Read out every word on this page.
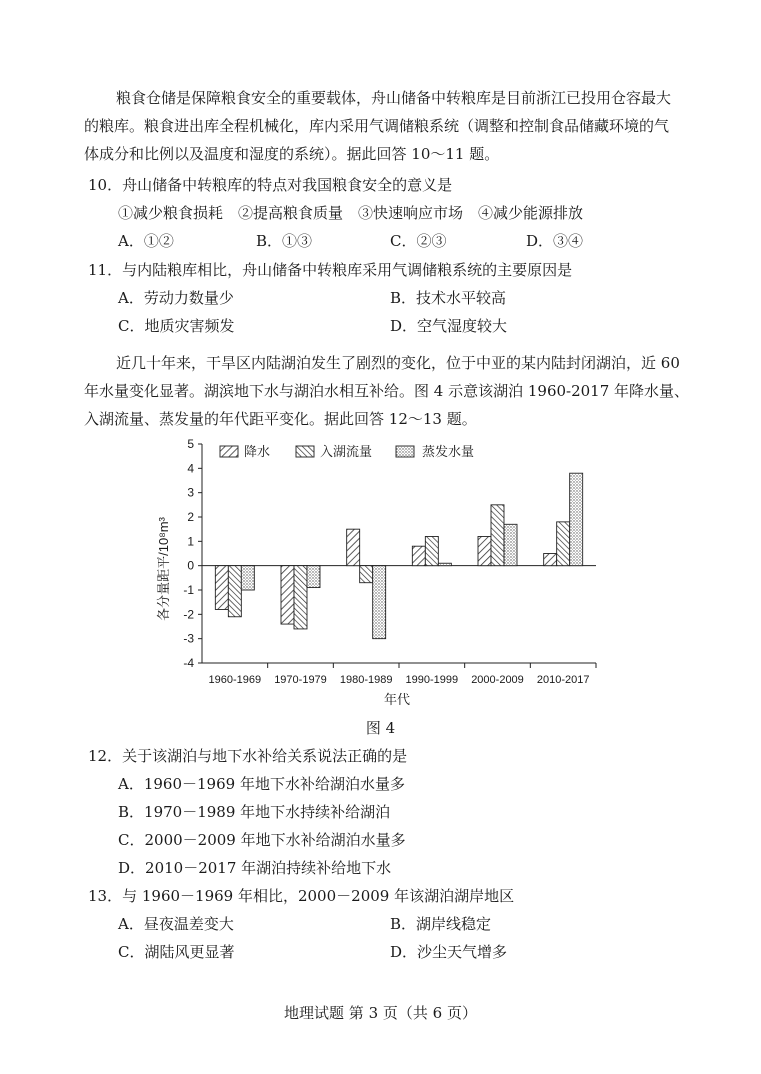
粮食仓储是保障粮食安全的重要载体，舟山储备中转粮库是目前浙江已投用仓容最大
的粮库。粮食进出库全程机械化，库内采用气调储粮系统（调整和控制食品储藏环境的气
体成分和比例以及温度和湿度的系统）。据此回答 10～11 题。
10．舟山储备中转粮库的特点对我国粮食安全的意义是
①减少粮食损耗　②提高粮食质量　③快速响应市场　④减少能源排放
A．①②	B．①③	C．②③	D．③④
11．与内陆粮库相比，舟山储备中转粮库采用气调储粮系统的主要原因是
A．劳动力数量少	B．技术水平较高
C．地质灾害频发	D．空气湿度较大
近几十年来，干旱区内陆湖泊发生了剧烈的变化，位于中亚的某内陆封闭湖泊，近 60
年水量变化显著。湖滨地下水与湖泊水相互补给。图 4 示意该湖泊 1960-2017 年降水量、
入湖流量、蒸发量的年代距平变化。据此回答 12～13 题。
5
4
3
2
1
0
-1
-2
-3
-4
1960-1969 1970-1979 1980-1989 1990-1999 2000-2009 2010-2017
降水	入湖流量	蒸发水量
各分量距平/10⁸m³
年代
图 4
12．关于该湖泊与地下水补给关系说法正确的是
A．1960－1969 年地下水补给湖泊水量多
B．1970－1989 年地下水持续补给湖泊
C．2000－2009 年地下水补给湖泊水量多
D．2010－2017 年湖泊持续补给地下水
13．与 1960－1969 年相比，2000－2009 年该湖泊湖岸地区
A．昼夜温差变大	B．湖岸线稳定
C．湖陆风更显著	D．沙尘天气增多
地理试题 第 3 页（共 6 页）
